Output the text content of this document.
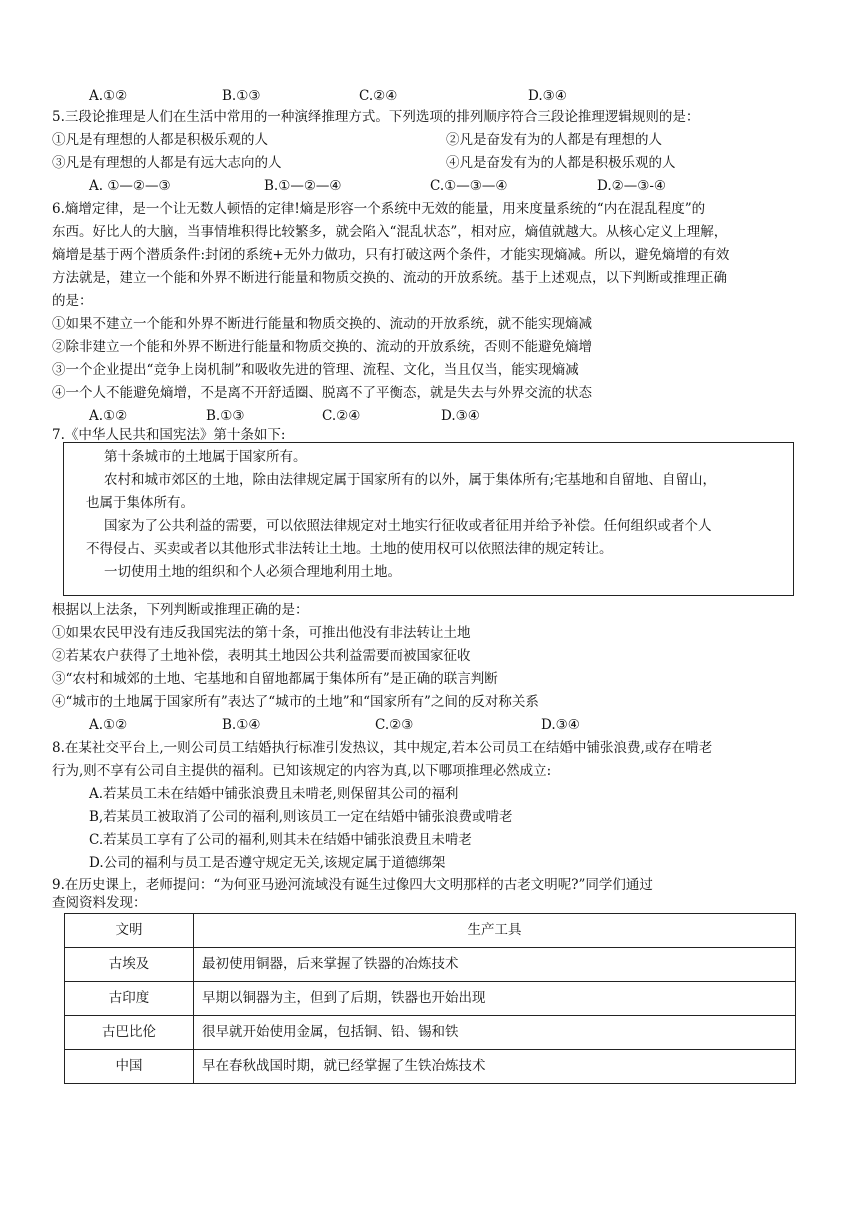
A.①②	B.①③	C.②④	D.③④
5.三段论推理是人们在生活中常用的一种演绎推理方式。下列选项的排列顺序符合三段论推理逻辑规则的是：
①凡是有理想的人都是积极乐观的人	②凡是奋发有为的人都是有理想的人
③凡是有理想的人都是有远大志向的人	④凡是奋发有为的人都是积极乐观的人
A. ①—②—③	B.①—②—④	C.①—③—④	D.②—③-④
6.熵增定律，是一个让无数人顿悟的定律!熵是形容一个系统中无效的能量，用来度量系统的“内在混乱程度”的
东西。好比人的大脑，当事情堆积得比较繁多，就会陷入“混乱状态”，相对应，熵值就越大。从核心定义上理解，
熵增是基于两个潜质条件:封闭的系统+无外力做功，只有打破这两个条件，才能实现熵减。所以，避免熵增的有效
方法就是，建立一个能和外界不断进行能量和物质交换的、流动的开放系统。基于上述观点，以下判断或推理正确
的是：
①如果不建立一个能和外界不断进行能量和物质交换的、流动的开放系统，就不能实现熵减
②除非建立一个能和外界不断进行能量和物质交换的、流动的开放系统，否则不能避免熵增
③一个企业提出“竞争上岗机制”和吸收先进的管理、流程、文化，当且仅当，能实现熵减
④一个人不能避免熵增，不是离不开舒适圈、脱离不了平衡态，就是失去与外界交流的状态
A.①②	B.①③	C.②④	D.③④
7.《中华人民共和国宪法》第十条如下:
第十条城市的土地属于国家所有。
农村和城市郊区的土地，除由法律规定属于国家所有的以外，属于集体所有;宅基地和自留地、自留山，
也属于集体所有。
国家为了公共利益的需要，可以依照法律规定对土地实行征收或者征用并给予补偿。任何组织或者个人
不得侵占、买卖或者以其他形式非法转让土地。土地的使用权可以依照法律的规定转让。
一切使用土地的组织和个人必须合理地利用土地。
根据以上法条，下列判断或推理正确的是：
①如果农民甲没有违反我国宪法的第十条，可推出他没有非法转让土地
②若某农户获得了土地补偿，表明其土地因公共利益需要而被国家征收
③“农村和城郊的土地、宅基地和自留地都属于集体所有”是正确的联言判断
④“城市的土地属于国家所有”表达了“城市的土地”和“国家所有”之间的反对称关系
A.①②	B.①④	C.②③	D.③④
8.在某社交平台上,一则公司员工结婚执行标准引发热议，其中规定,若本公司员工在结婚中铺张浪费,或存在啃老
行为,则不享有公司自主提供的福利。已知该规定的内容为真,以下哪项推理必然成立:
A.若某员工未在结婚中铺张浪费且未啃老,则保留其公司的福利
B,若某员工被取消了公司的福利,则该员工一定在结婚中铺张浪费或啃老
C.若某员工享有了公司的福利,则其未在结婚中铺张浪费且未啃老
D.公司的福利与员工是否遵守规定无关,该规定属于道德绑架
9.在历史课上，老师提问：“为何亚马逊河流域没有诞生过像四大文明那样的古老文明呢?”同学们通过
查阅资料发现：
文明	生产工具
古埃及	最初使用铜器，后来掌握了铁器的冶炼技术
古印度	早期以铜器为主，但到了后期，铁器也开始出现
古巴比伦	很早就开始使用金属，包括铜、铅、锡和铁
中国	早在春秋战国时期，就已经掌握了生铁冶炼技术
